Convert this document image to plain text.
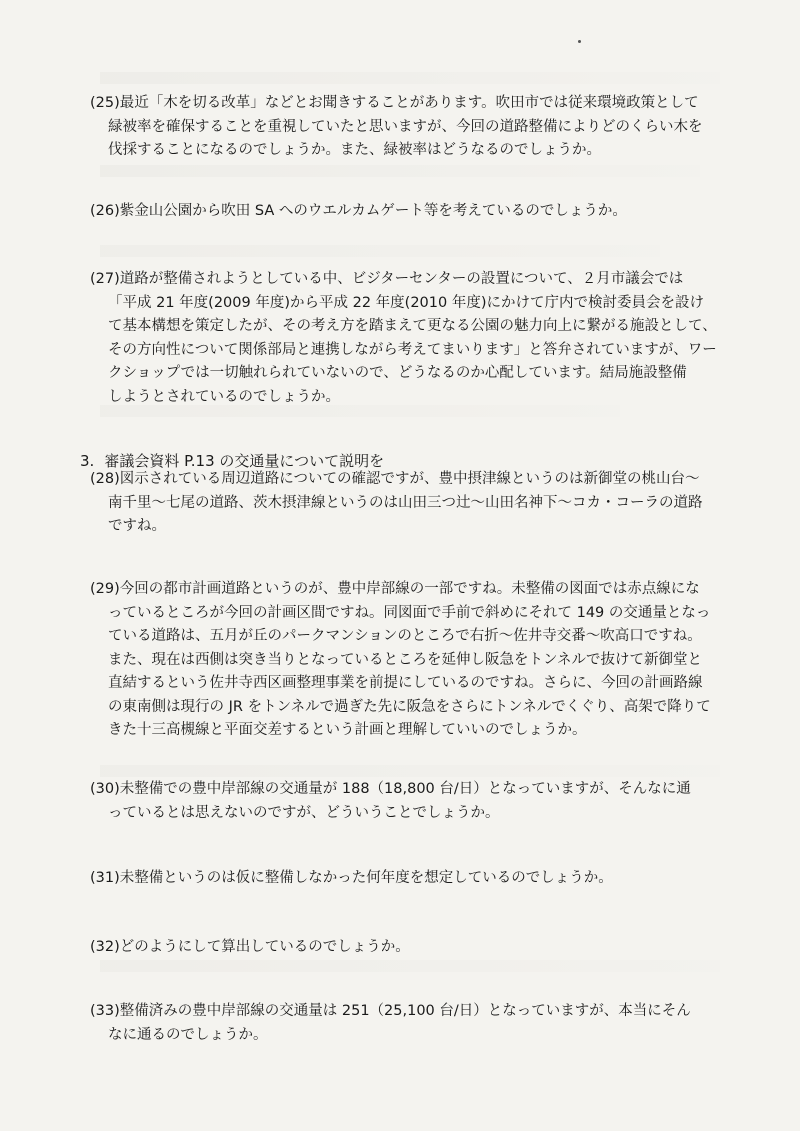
(25)最近「木を切る改革」などとお聞きすることがあります。吹田市では従来環境政策として
緑被率を確保することを重視していたと思いますが、今回の道路整備によりどのくらい木を
伐採することになるのでしょうか。また、緑被率はどうなるのでしょうか。
(26)紫金山公園から吹田 SA へのウエルカムゲート等を考えているのでしょうか。
(27)道路が整備されようとしている中、ビジターセンターの設置について、２月市議会では
「平成 21 年度(2009 年度)から平成 22 年度(2010 年度)にかけて庁内で検討委員会を設け
て基本構想を策定したが、その考え方を踏まえて更なる公園の魅力向上に繋がる施設として、
その方向性について関係部局と連携しながら考えてまいります」と答弁されていますが、ワー
クショップでは一切触れられていないので、どうなるのか心配しています。結局施設整備
しようとされているのでしょうか。
3. 審議会資料 P.13 の交通量について説明を
(28)図示されている周辺道路についての確認ですが、豊中摂津線というのは新御堂の桃山台～
南千里～七尾の道路、茨木摂津線というのは山田三つ辻～山田名神下～コカ・コーラの道路
ですね。
(29)今回の都市計画道路というのが、豊中岸部線の一部ですね。未整備の図面では赤点線にな
っているところが今回の計画区間ですね。同図面で手前で斜めにそれて 149 の交通量となっ
ている道路は、五月が丘のパークマンションのところで右折～佐井寺交番～吹高口ですね。
また、現在は西側は突き当りとなっているところを延伸し阪急をトンネルで抜けて新御堂と
直結するという佐井寺西区画整理事業を前提にしているのですね。さらに、今回の計画路線
の東南側は現行の JR をトンネルで過ぎた先に阪急をさらにトンネルでくぐり、高架で降りて
きた十三高槻線と平面交差するという計画と理解していいのでしょうか。
(30)未整備での豊中岸部線の交通量が 188（18,800 台/日）となっていますが、そんなに通
っているとは思えないのですが、どういうことでしょうか。
(31)未整備というのは仮に整備しなかった何年度を想定しているのでしょうか。
(32)どのようにして算出しているのでしょうか。
(33)整備済みの豊中岸部線の交通量は 251（25,100 台/日）となっていますが、本当にそん
なに通るのでしょうか。
